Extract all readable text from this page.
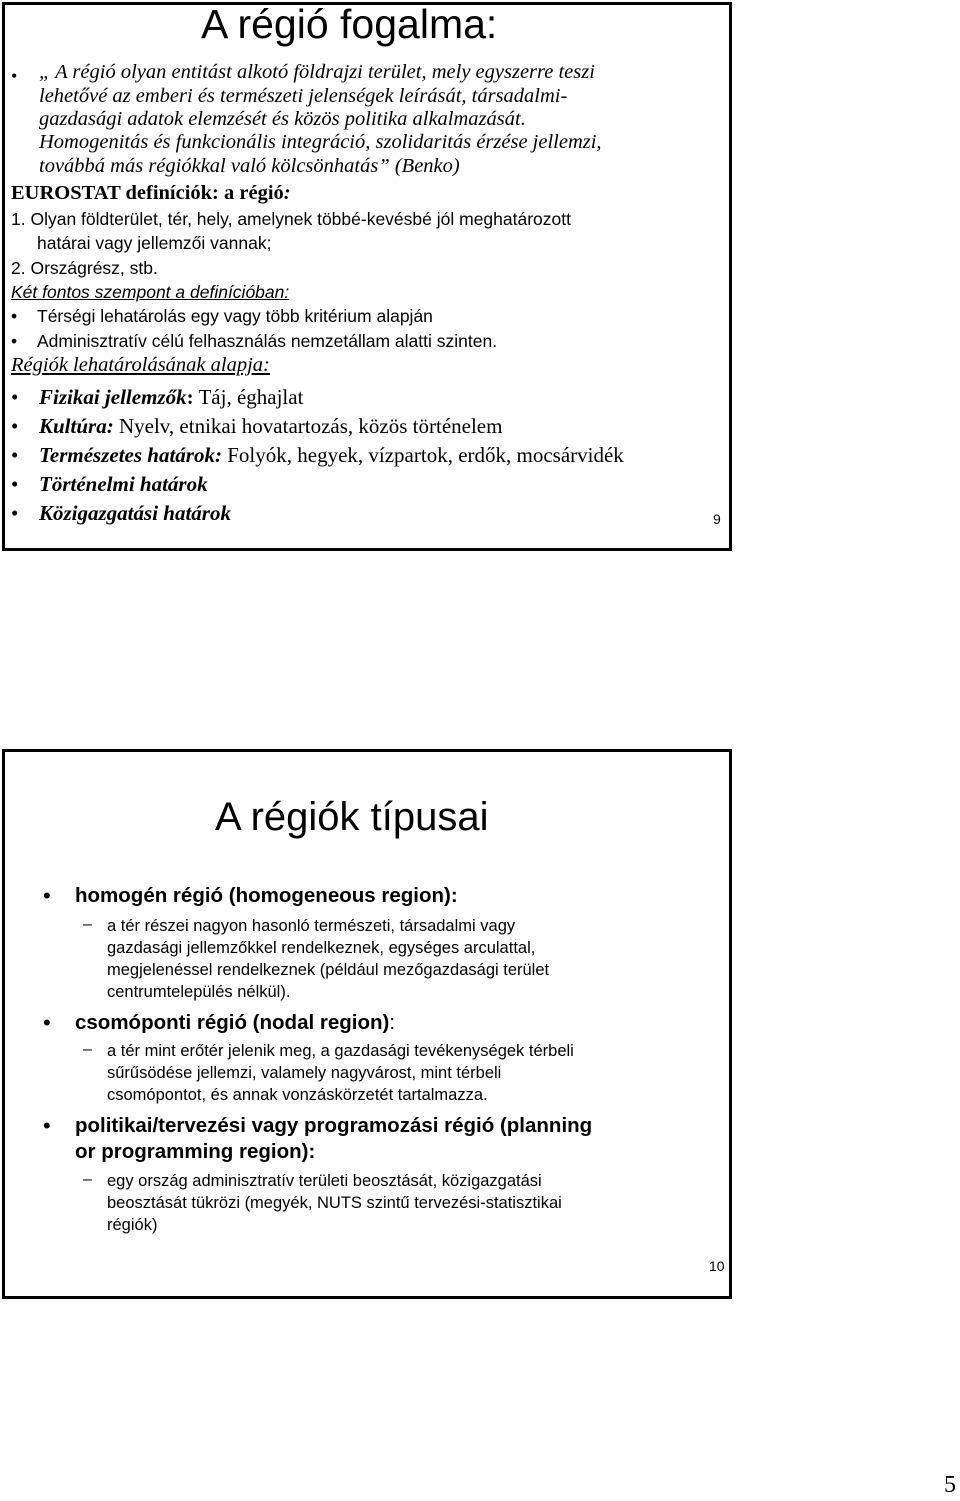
A régió fogalma:
• „ A régió olyan entitást alkotó földrajzi terület, mely egyszerre teszi
lehetővé az emberi és természeti jelenségek leírását, társadalmi-
gazdasági adatok elemzését és közös politika alkalmazását.
Homogenitás és funkcionális integráció, szolidaritás érzése jellemzi,
továbbá más régiókkal való kölcsönhatás” (Benko)
EUROSTAT definíciók: a régió:
1. Olyan földterület, tér, hely, amelynek többé-kevésbé jól meghatározott
határai vagy jellemzői vannak;
2. Országrész, stb.
Két fontos szempont a definícióban:
• Térségi lehatárolás egy vagy több kritérium alapján
• Adminisztratív célú felhasználás nemzetállam alatti szinten.
Régiók lehatárolásának alapja:
• Fizikai jellemzők: Táj, éghajlat
• Kultúra: Nyelv, etnikai hovatartozás, közös történelem
• Természetes határok: Folyók, hegyek, vízpartok, erdők, mocsárvidék
• Történelmi határok
• Közigazgatási határok	9
A régiók típusai
• homogén régió (homogeneous region):
– a tér részei nagyon hasonló természeti, társadalmi vagy
gazdasági jellemzőkkel rendelkeznek, egységes arculattal,
megjelenéssel rendelkeznek (például mezőgazdasági terület
centrumtelepülés nélkül).
• csomóponti régió (nodal region):
– a tér mint erőtér jelenik meg, a gazdasági tevékenységek térbeli
sűrűsödése jellemzi, valamely nagyvárost, mint térbeli
csomópontot, és annak vonzáskörzetét tartalmazza.
• politikai/tervezési vagy programozási régió (planning
or programming region):
– egy ország adminisztratív területi beosztását, közigazgatási
beosztását tükrözi (megyék, NUTS szintű tervezési-statisztikai
régiók)
10
5
